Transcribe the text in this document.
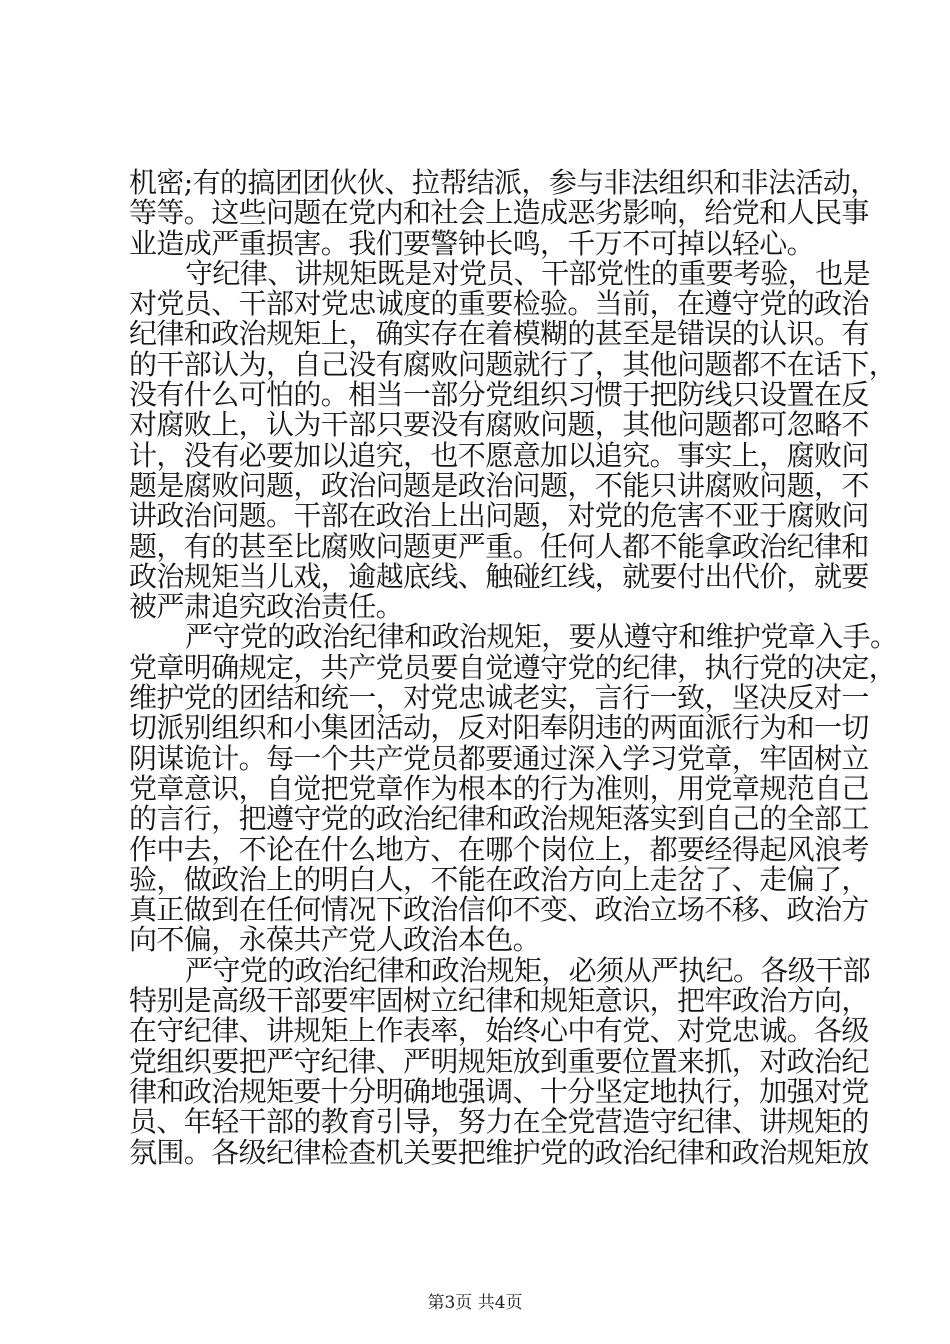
机密;有的搞团团伙伙、拉帮结派，参与非法组织和非法活动，
等等。这些问题在党内和社会上造成恶劣影响，给党和人民事
业造成严重损害。我们要警钟长鸣，千万不可掉以轻心。
守纪律、讲规矩既是对党员、干部党性的重要考验，也是
对党员、干部对党忠诚度的重要检验。当前，在遵守党的政治
纪律和政治规矩上，确实存在着模糊的甚至是错误的认识。有
的干部认为，自己没有腐败问题就行了，其他问题都不在话下，
没有什么可怕的。相当一部分党组织习惯于把防线只设置在反
对腐败上，认为干部只要没有腐败问题，其他问题都可忽略不
计，没有必要加以追究，也不愿意加以追究。事实上，腐败问
题是腐败问题，政治问题是政治问题，不能只讲腐败问题，不
讲政治问题。干部在政治上出问题，对党的危害不亚于腐败问
题，有的甚至比腐败问题更严重。任何人都不能拿政治纪律和
政治规矩当儿戏，逾越底线、触碰红线，就要付出代价，就要
被严肃追究政治责任。
严守党的政治纪律和政治规矩，要从遵守和维护党章入手。
党章明确规定，共产党员要自觉遵守党的纪律，执行党的决定，
维护党的团结和统一，对党忠诚老实，言行一致，坚决反对一
切派别组织和小集团活动，反对阳奉阴违的两面派行为和一切
阴谋诡计。每一个共产党员都要通过深入学习党章，牢固树立
党章意识，自觉把党章作为根本的行为准则，用党章规范自己
的言行，把遵守党的政治纪律和政治规矩落实到自己的全部工
作中去，不论在什么地方、在哪个岗位上，都要经得起风浪考
验，做政治上的明白人，不能在政治方向上走岔了、走偏了，
真正做到在任何情况下政治信仰不变、政治立场不移、政治方
向不偏，永葆共产党人政治本色。
严守党的政治纪律和政治规矩，必须从严执纪。各级干部
特别是高级干部要牢固树立纪律和规矩意识，把牢政治方向，
在守纪律、讲规矩上作表率，始终心中有党、对党忠诚。各级
党组织要把严守纪律、严明规矩放到重要位置来抓，对政治纪
律和政治规矩要十分明确地强调、十分坚定地执行，加强对党
员、年轻干部的教育引导，努力在全党营造守纪律、讲规矩的
氛围。各级纪律检查机关要把维护党的政治纪律和政治规矩放
第3页 共4页
